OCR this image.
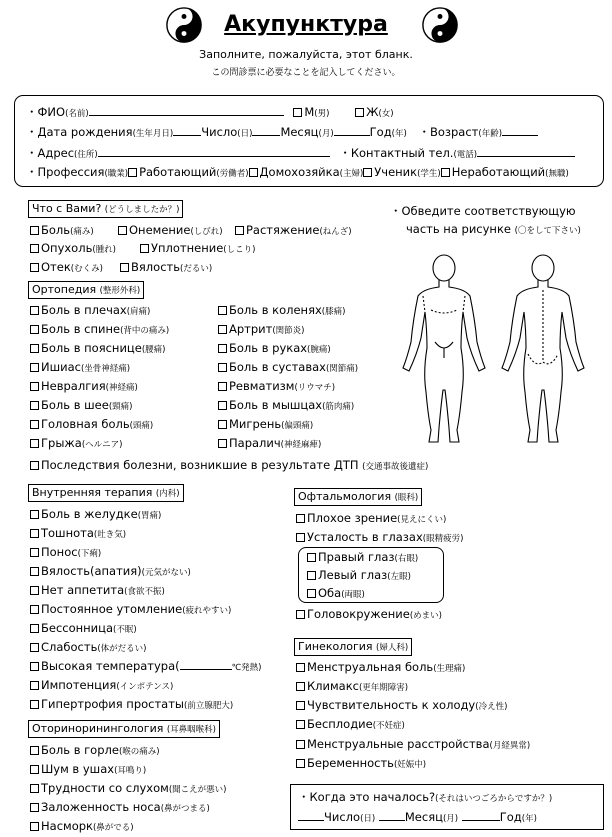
Акупунктура
Заполните, пожалуйста, этот бланк.
この問診票に必要なことを記入してください。
・ФИО(名前)	М(男)	Ж(女)
・Дата рождения(生年月日) Число(日) Месяц(月)	Год(年) ・Возраст(年齢)
・Адрес(住所)	・Контактный тел.(電話)
・Профессия(職業) Работающий(労働者) Домохозяйка(主婦) Ученик(学生) Неработающий(無職)
Что с Вами? (どうしましたか？)
Боль(痛み)	Онемение(しびれ)	Растяжение(ねんざ)
Опухоль(腫れ)	Уплотнение(しこり)
Отек(むくみ)	Вялость(だるい)
・Обведите соответствующую
часть на рисунке (〇をして下さい)
Ортопедия (整形外科)
Боль в плечах(肩痛)
Боль в спине(背中の痛み)
Боль в пояснице(腰痛)
Ишиас(坐骨神経痛)
Невралгия(神経痛)
Боль в шее(頸痛)
Головная боль(頭痛)
Грыжа(ヘルニア)
Боль в коленях(膝痛)
Артрит(関節炎)
Боль в руках(腕痛)
Боль в суставах(関節痛)
Ревматизм(リウマチ)
Боль в мышцах(筋肉痛)
Мигрень(偏頭痛)
Паралич(神経麻痺)
Последствия болезни, возникшие в результате ДТП (交通事故後遺症)
Внутренняя терапия (内科)
Боль в желудке(胃痛)
Тошнота(吐き気)
Понос(下痢)
Вялость(апатия)(元気がない)
Нет аппетита(食欲不振)
Постоянное утомление(疲れやすい)
Бессонница(不眠)
Слабость(体がだるい)
Высокая температура(	℃発熱)
Импотенция(インポテンス)
Гипертрофия простаты(前立腺肥大)
Офтальмология (眼科)
Плохое зрение(見えにくい)
Усталость в глазах(眼精疲労)
Правый глаз(右眼)
Левый глаз(左眼)
Оба(両眼)
Головокружение(めまい)
Гинекология (婦人科)
Менструальная боль(生理痛)
Климакс(更年期障害)
Чувствительность к холоду(冷え性)
Бесплодие(不妊症)
Менструальные расстройства(月経異常)
Беременность(妊娠中)
Оториноринингология (耳鼻咽喉科)
Боль в горле(喉の痛み)
Шум в ушах(耳鳴り)
Трудности со слухом(聞こえが悪い)
Заложенность носа(鼻がつまる)
Насморк(鼻がでる)
・Когда это началось?(それはいつごろからですか？)
Число(日)	Месяц(月)	Год(年)
